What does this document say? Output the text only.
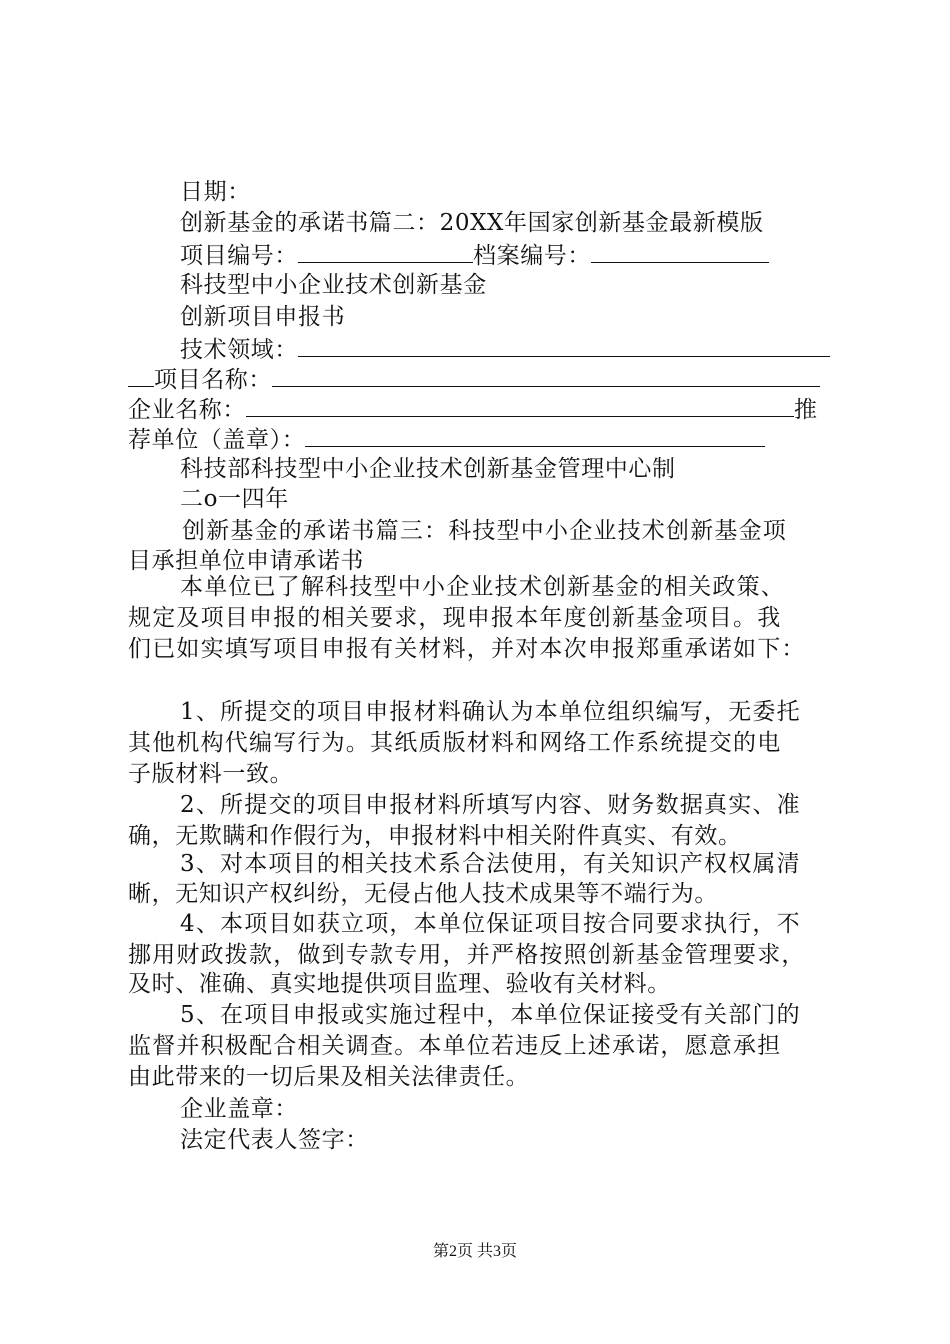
日期：
创新基金的承诺书篇二：20XX年国家创新基金最新模版
项目编号：	档案编号：
科技型中小企业技术创新基金
创新项目申报书
技术领域：
项目名称：
企业名称：	推
荐单位（盖章）：
科技部科技型中小企业技术创新基金管理中心制
二o一四年
创新基金的承诺书篇三：科技型中小企业技术创新基金项
目承担单位申请承诺书
本单位已了解科技型中小企业技术创新基金的相关政策、
规定及项目申报的相关要求，现申报本年度创新基金项目。我
们已如实填写项目申报有关材料，并对本次申报郑重承诺如下：
1、所提交的项目申报材料确认为本单位组织编写，无委托
其他机构代编写行为。其纸质版材料和网络工作系统提交的电
子版材料一致。
2、所提交的项目申报材料所填写内容、财务数据真实、准
确，无欺瞒和作假行为，申报材料中相关附件真实、有效。
3、对本项目的相关技术系合法使用，有关知识产权权属清
晰，无知识产权纠纷，无侵占他人技术成果等不端行为。
4、本项目如获立项，本单位保证项目按合同要求执行，不
挪用财政拨款，做到专款专用，并严格按照创新基金管理要求，
及时、准确、真实地提供项目监理、验收有关材料。
5、在项目申报或实施过程中，本单位保证接受有关部门的
监督并积极配合相关调查。本单位若违反上述承诺，愿意承担
由此带来的一切后果及相关法律责任。
企业盖章：
法定代表人签字：
第2页 共3页
